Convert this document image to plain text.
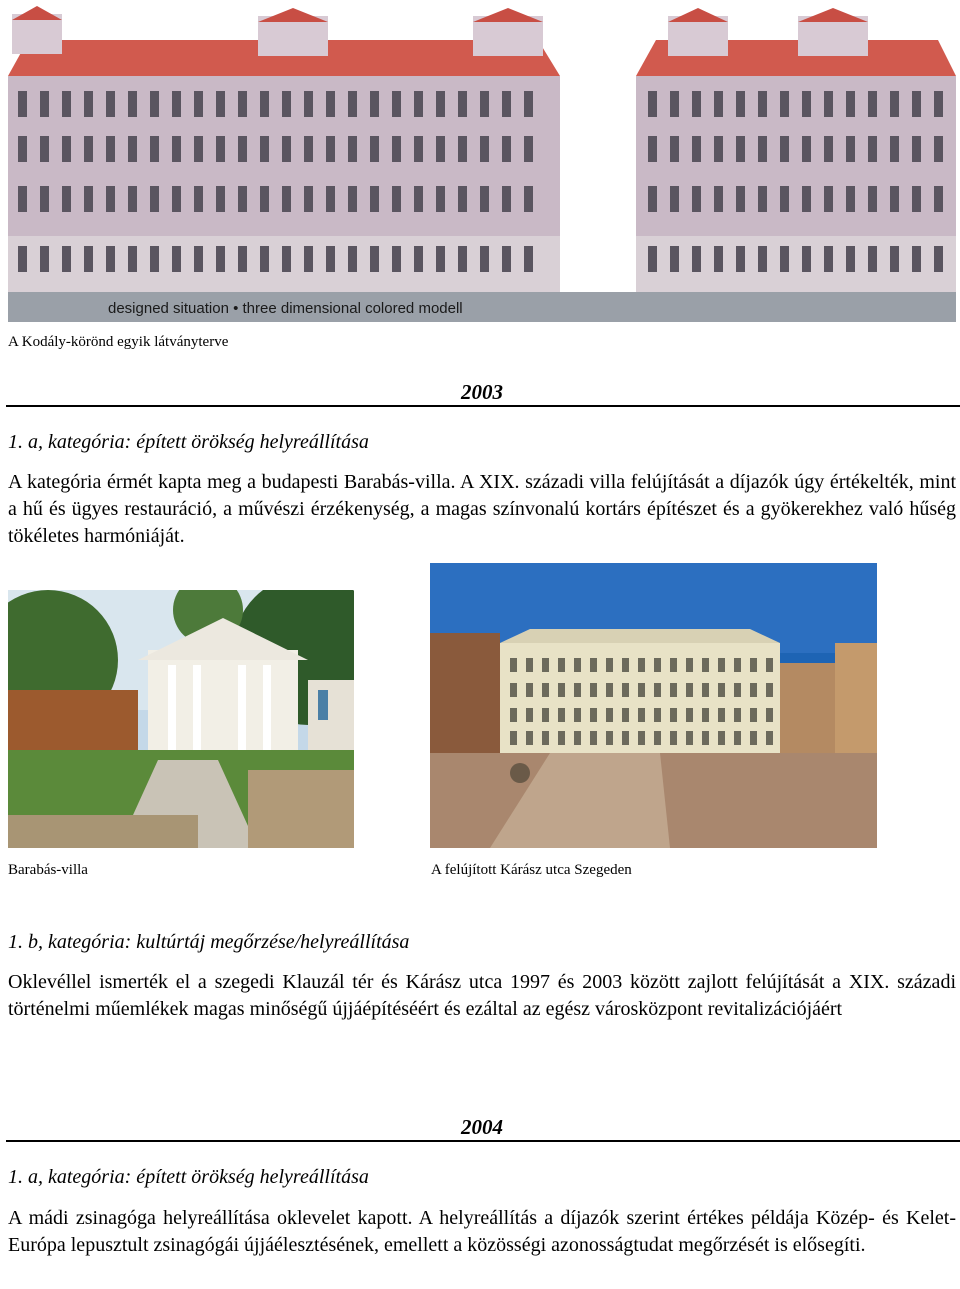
designed situation • three dimensional colored modell
A Kodály-körönd egyik látványterve
2003
1. a, kategória: épített örökség helyreállítása
A kategória érmét kapta meg a budapesti Barabás-villa. A XIX. századi villa felújítását a díjazók úgy értékelték, mint a hű és ügyes restauráció, a művészi érzékenység, a magas színvonalú kortárs építészet és a gyökerekhez való hűség tökéletes harmóniáját.
Barabás-villa	A felújított Kárász utca Szegeden
1. b, kategória: kultúrtáj megőrzése/helyreállítása
Oklevéllel ismerték el a szegedi Klauzál tér és Kárász utca 1997 és 2003 között zajlott felújítását a XIX. századi történelmi műemlékek magas minőségű újjáépítéséért és ezáltal az egész városközpont revitalizációjáért
2004
1. a, kategória: épített örökség helyreállítása
A mádi zsinagóga helyreállítása oklevelet kapott. A helyreállítás a díjazók szerint értékes példája Közép- és Kelet-Európa lepusztult zsinagógái újjáélesztésének, emellett a közösségi azonosságtudat megőrzését is elősegíti.
